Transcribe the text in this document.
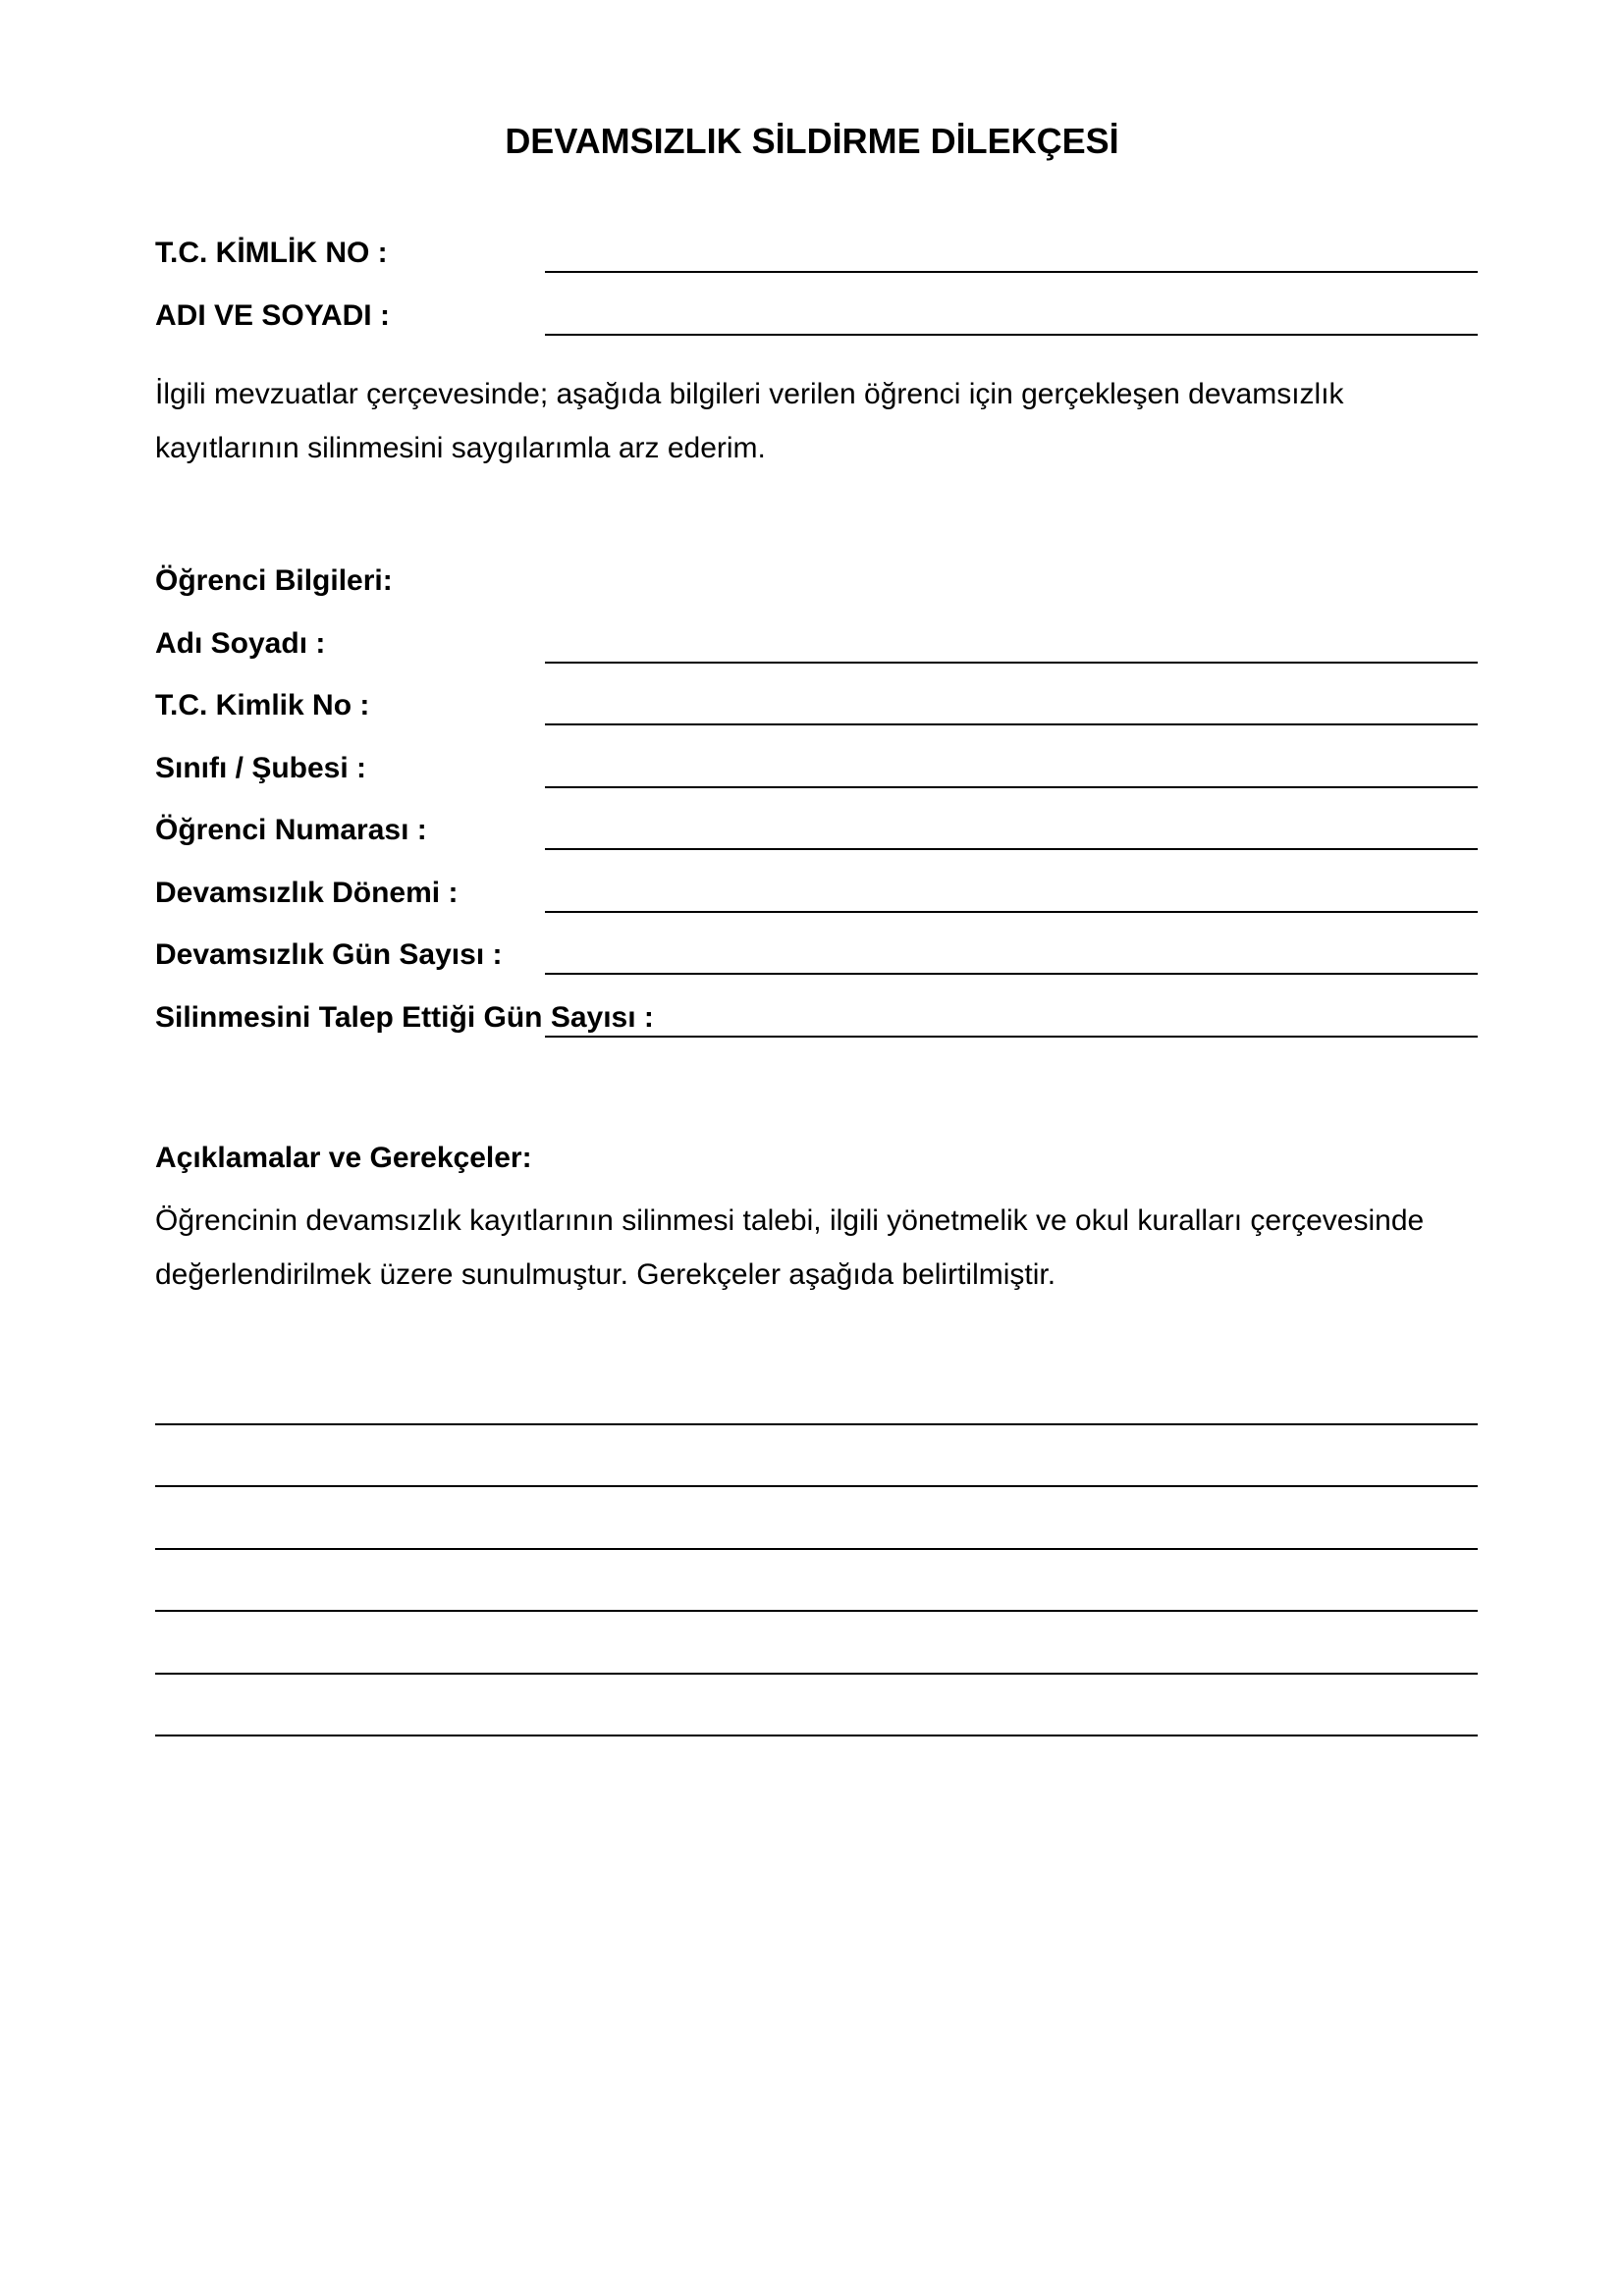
DEVAMSIZLIK SİLDİRME DİLEKÇESİ
T.C. KİMLİK NO :
ADI VE SOYADI :
İlgili mevzuatlar çerçevesinde; aşağıda bilgileri verilen öğrenci için gerçekleşen devamsızlık
kayıtlarının silinmesini saygılarımla arz ederim.
Öğrenci Bilgileri:
Adı Soyadı :
T.C. Kimlik No :
Sınıfı / Şubesi :
Öğrenci Numarası :
Devamsızlık Dönemi :
Devamsızlık Gün Sayısı :
Silinmesini Talep Ettiği Gün Sayısı :
Açıklamalar ve Gerekçeler:
Öğrencinin devamsızlık kayıtlarının silinmesi talebi, ilgili yönetmelik ve okul kuralları çerçevesinde
değerlendirilmek üzere sunulmuştur. Gerekçeler aşağıda belirtilmiştir.
